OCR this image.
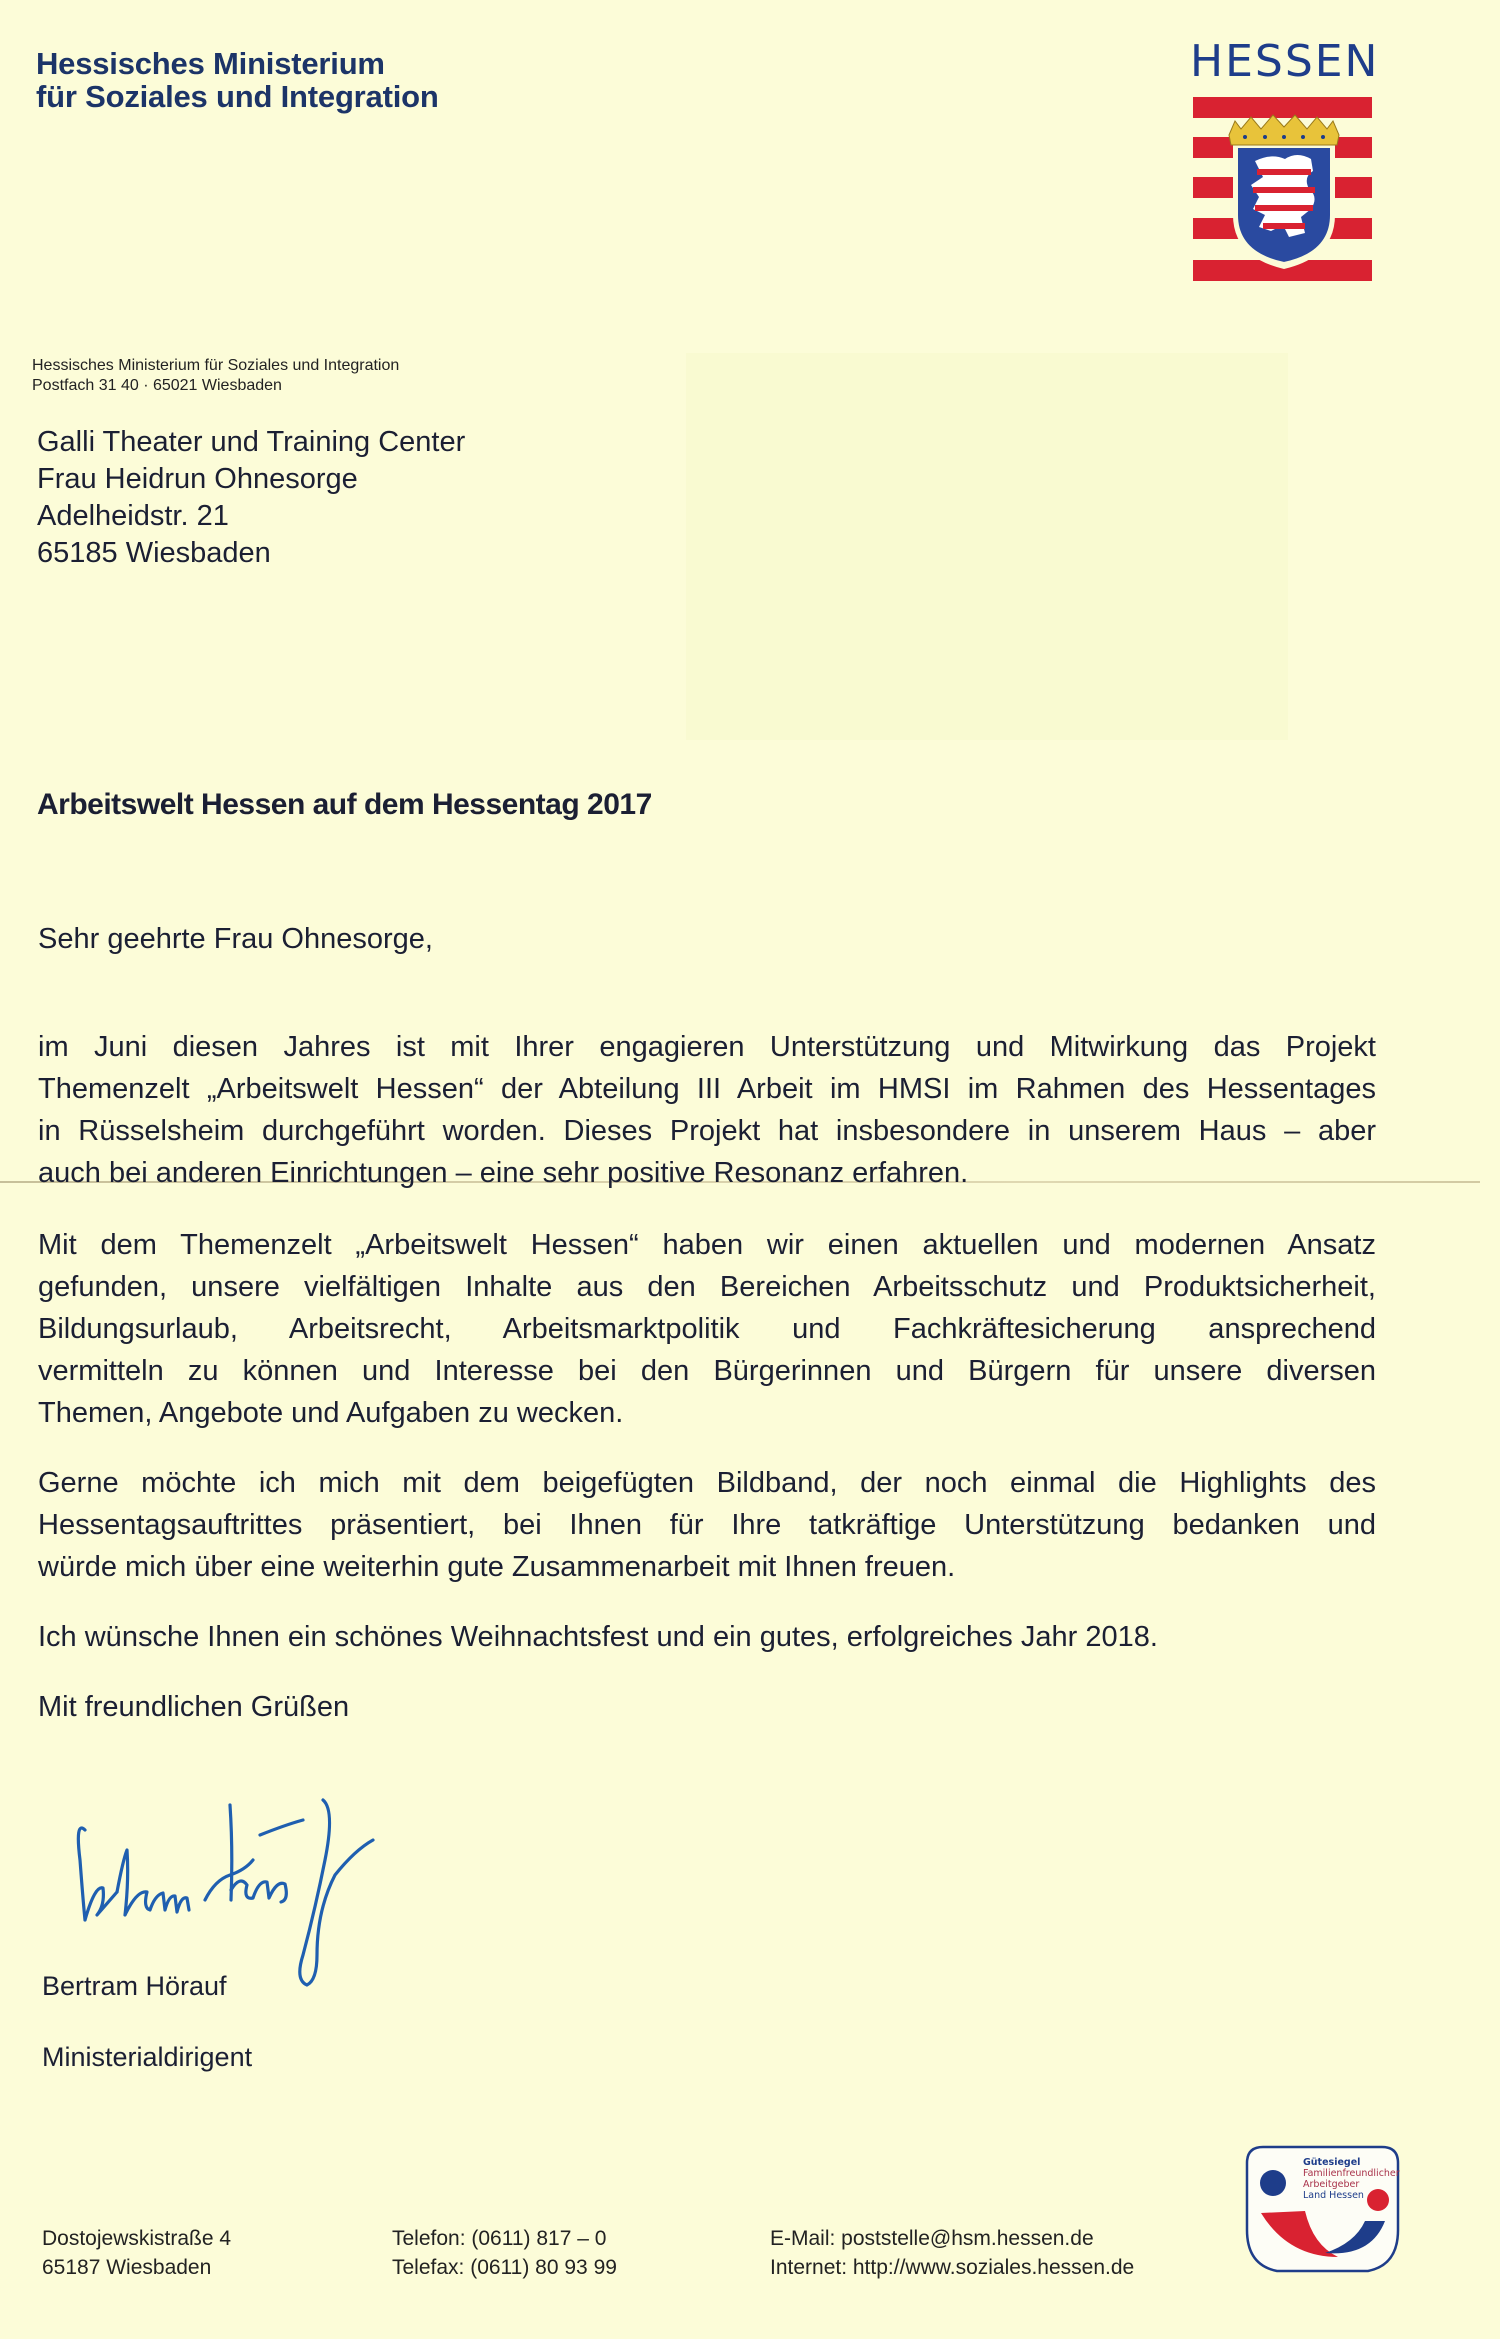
Hessisches Ministerium
für Soziales und Integration
HESSEN
Hessisches Ministerium für Soziales und Integration
Postfach 31 40 · 65021 Wiesbaden
Galli Theater und Training Center
Frau Heidrun Ohnesorge
Adelheidstr. 21
65185 Wiesbaden
Arbeitswelt Hessen auf dem Hessentag 2017
Sehr geehrte Frau Ohnesorge,
im Juni diesen Jahres ist mit Ihrer engagieren Unterstützung und Mitwirkung das Projekt
Themenzelt „Arbeitswelt Hessen“ der Abteilung III Arbeit im HMSI im Rahmen des Hessentages
in Rüsselsheim durchgeführt worden. Dieses Projekt hat insbesondere in unserem Haus – aber
auch bei anderen Einrichtungen – eine sehr positive Resonanz erfahren.
Mit dem Themenzelt „Arbeitswelt Hessen“ haben wir einen aktuellen und modernen Ansatz
gefunden, unsere vielfältigen Inhalte aus den Bereichen Arbeitsschutz und Produktsicherheit,
Bildungsurlaub, Arbeitsrecht, Arbeitsmarktpolitik und Fachkräftesicherung ansprechend
vermitteln zu können und Interesse bei den Bürgerinnen und Bürgern für unsere diversen
Themen, Angebote und Aufgaben zu wecken.
Gerne möchte ich mich mit dem beigefügten Bildband, der noch einmal die Highlights des
Hessentagsauftrittes präsentiert, bei Ihnen für Ihre tatkräftige Unterstützung bedanken und
würde mich über eine weiterhin gute Zusammenarbeit mit Ihnen freuen.
Ich wünsche Ihnen ein schönes Weihnachtsfest und ein gutes, erfolgreiches Jahr 2018.
Mit freundlichen Grüßen
Bertram Hörauf
Ministerialdirigent
Dostojewskistraße 4
65187 Wiesbaden
Telefon: (0611) 817 – 0
Telefax: (0611) 80 93 99
E-Mail: poststelle@hsm.hessen.de
Internet: http://www.soziales.hessen.de
Gütesiegel
Familienfreundlicher
Arbeitgeber
Land Hessen
